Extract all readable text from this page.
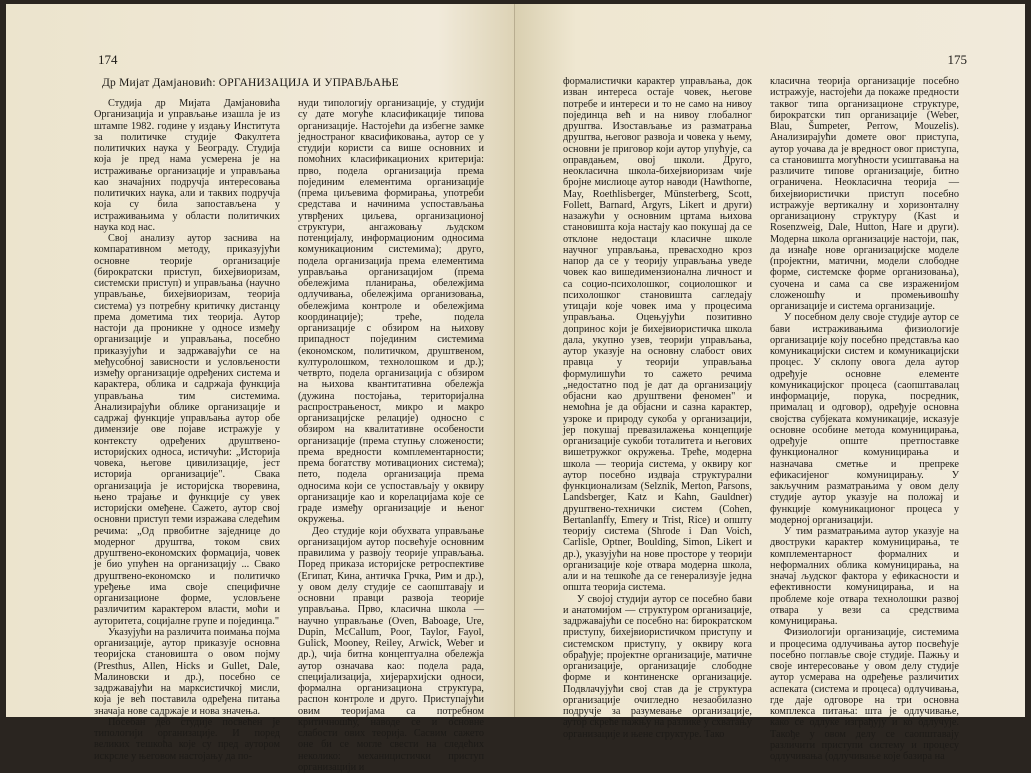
174
Др Мијат Дамјановић: ОРГАНИЗАЦИЈА И УПРАВЉАЊЕ

Студија др Мијата Дамјановића Организација и управљање изашла је из штампе 1982. године у издању Института за политичке студије Факултета политичких наука у Београду. Студија која је пред нама усмерена је на истраживање организације и управљања као значајних подручја интересовања политичких наука, али и таквих подручја која су била запостављена у истраживањима у области политичких наука код нас.

Свој анализу аутор заснива на компаративном методу, приказујући основне теорије организације (бирократски приступ, бихејвиоризам, системски приступ) и управљања (научно управљање, бихејвиоризам, теорија система) уз потребну критичку дистанцу према дометима тих теорија. Аутор настоји да проникне у односе између организације и управљања, посебно приказујући и задржавајући се на међусобној зависности и условљености између организације одређених система и карактера, облика и садржаја функција управљања тим системима. Анализирајући облике организације и садржај функције управљања аутор обе димензије ове појаве истражује у контексту одређених друштвено-историјских односа, истичући: „Историја човека, његове цивилизације, јест историја организације". Свака организација је историјска творевина, њено трајање и функције су увек историјски омеђене. Сажето, аутор свој основни приступ теми изражава следећим речима: „Од првобитне заједнице до модерног друштва, током свих друштвено-економских формација, човек је био упућен на организацију ... Свако друштвено-економско и политичко уређење има своје специфичне организационе форме, условљене различитим карактером власти, моћи и ауторитета, социјалне групе и појединца."

Указујући на различита поимања појма организације, аутор приказује основна теоријска становишта о овом појму (Presthus, Allen, Hicks и Gullet, Dale, Малиновски и др.), посебно се задржавајући на марксистичкој мисли, која је већ поставила одређена питања значаја нове садржаје и нова значења.

Посебан део студије посвећен је типологији организације. И поред великих тешкоћа које су пред аутором искрсле у његовом настојању да по-

нуди типологију организације, у студији су дате могуће класификације типова организације. Настојећи да избегне замке једностраног квасификовања, аутор се у студији користи са више основних и помоћних класификационих критерија: прво, подела организација према појединим елементима организације (према циљевима формирања, употреби средстава и начинима успостављања утврђених циљева, организационој структури, ангажовању људском потенцијалу, информационим односима комуникационим системима); друго, подела организација према елементима управљања организацијом (према обележјима планирања, обележјима одлучивања, обележјима организовања, обележјима контроле и обележјима координације); треће, подела организације с обзиром на њихову припадност појединим системима (економском, политичком, друштвеном, културолошком, технолошком и др.); четврто, подела организација с обзиром на њихова квантитативна обележја (дужина постојања, територијална распрострањеност, микро и макро организацијске релације) односно с обзиром на квалитативне особености организације (према ступњу сложености; према вредности комплементарности; према богатству мотивационих система); пето, подела организација према односима који се успостављају у оквиру организације као и корелацијама које се граде између организације и њеног окружења.

Део студије који обухвата управљање организацијом аутор посвећује основним правилима у развоју теорије управљања. Поред приказа историјске ретроспективе (Египат, Кина, античка Грчка, Рим и др.), у овом делу студије се саопштавају и основни правци развоја теорије управљања. Прво, класична школа — научно управљање (Oven, Baboage, Ure, Dupin, McCallum, Poor, Taylor, Fayol, Gulick, Mooney, Reiley, Arwick, Weber и др.), чија битна концептуална обележја аутор означава као: подела рада, специјализација, хијерархијски односи, формална организациона структура, распон контроле и друго. Приступајући овим теоријама са потребном критичношћу, наводе се и основне слабости ових теорија. Сасвим сажето оне би се могле свести на следећих неколико: механицистички приступ организацији и

175

формалистички карактер управљања, док изван интереса остаје човек, његове потребе и интереси и то не само на нивоу појединца већ и на нивоу глобалног друштва. Изостављање из разматрања друштва, његовог развоја и човека у њему, основни је приговор који аутор упућује, са оправдањем, овој школи. Друго, неокласична школа-бихејвиоризам чије бројне мислиоце аутор наводи (Hawthorne, May, Roethlisberger, Münsterberg, Scott, Follett, Barnard, Argyrs, Likert и други) назажући у основним цртама њихова становишта која настају као покушај да се отклоне недостаци класичне школе научног управљања, превасходно кроз напор да се у теорију управљања уведе човек као вишедимензионална личност и са социо-психолошког, социолошког и психолошког становишта сагледају утицаји које човек има у процесима управљања. Оцењујући позитивно допринос који је бихејвиористичка школа дала, укупно узев, теорији управљања, аутор указује на основну слабост ових правца у теорији управљања формулишући то сажето речима „недостатно под је дат да организацију објасни као друштвени феномен" и немоћна је да објасни и сазна карактер, узроке и природу сукоба у организацији, јер покушај превазилажења концепције организације сукоби тоталитета и његових вишетружког окружења. Треће, модерна школа — теорија система, у оквиру ког аутор посебно издваја структурални функционализам (Selznik, Merton, Parsons, Landsberger, Katz и Kahn, Gauldner) друштвено-технички систем (Cohen, Bertanlanffy, Emery и Trist, Rice) и општу теорију система (Shrode i Dan Voich, Carlisle, Optner, Boulding, Simon, Likert и др.), указујући на нове просторе у теорији организације које отвара модерна школа, али и на тешкоће да се генерализује једна општа теорија система.

У својој студији аутор се посебно бави и анатомијом — структуром организације, задржавајући се посебно на: бирократском приступу, бихејвиористичком приступу и системском приступу, у оквиру кога обрађује; пројектне организације, матичне организације, организације слободне форме и континенске организације. Подвлачујући свој став да је структура организације очигледно незаобилазно подручје за разумевање организације, аутор скреће пажњу на разлике у схватању организације и њене структуре. Тако

класична теорија организације посебно истражује, настојећи да покаже предности таквог типа организационе структуре, бирократски тип организације (Weber, Blau, Šumpeter, Perrow, Mouzelis). Анализирајући домете овог приступа, аутор уочава да је вредност овог приступа, са становишта могућности усиштавања на различите типове организације, битно ограничена. Неокласична теорија — бихејвиористички приступ посебно истражује вертикалну и хоризонталну организациону структуру (Kast и Rosenzweig, Dale, Hutton, Hare и други). Модерна школа организације настоји, пак, да изнађе нове организацијске моделе (пројектни, матични, модели слободне форме, системске форме организовања), суочена и сама са све израженијом сложеношћу и промењивошћу организације и система организације.

У посебном делу своје студије аутор се бави истраживањима физиологије организације коју посебно представља као комуникацијски систем и комуникацијски процес. У склопу овога дела аутор одређује основне елементе комуникацијског процеса (саопштавалац информације, порука, посредник, прималац и одговор), одређује основна својства субјеката комуникације, исказује основне особине метода комуницирања, одређује опште претпоставке функционалног комуницирања и назначава сметње и препреке ефикасијеног комуницирању. У закључним разматрањима у овом делу студије аутор указује на положај и функције комуникационог процеса у модерној организацији.

У тим разматрањима аутор указује на двоструки карактер комуницирања, те комплементарност формалних и неформалних облика комуницирања, на значај људског фактора у ефикасности и ефективности комуницирања, и на проблеме које отвара технолошки развој отвара у вези са средствима комуницирања.

Физиологији организације, системима и процесима одлучивања аутор посвећује посебно поглавље своје студије. Пажњу и своје интересовање у овом делу студије аутор усмерава на одређење различитих аспеката (система и процеса) одлучивања, где даје одговоре на три основна комплекса питања: шта је одлучивање, како се одлуке изграђују и ко одлучује. Такође у овом делу се саопштавају различити приступи систему и процесу одлучивања (одлучивање које базира на
